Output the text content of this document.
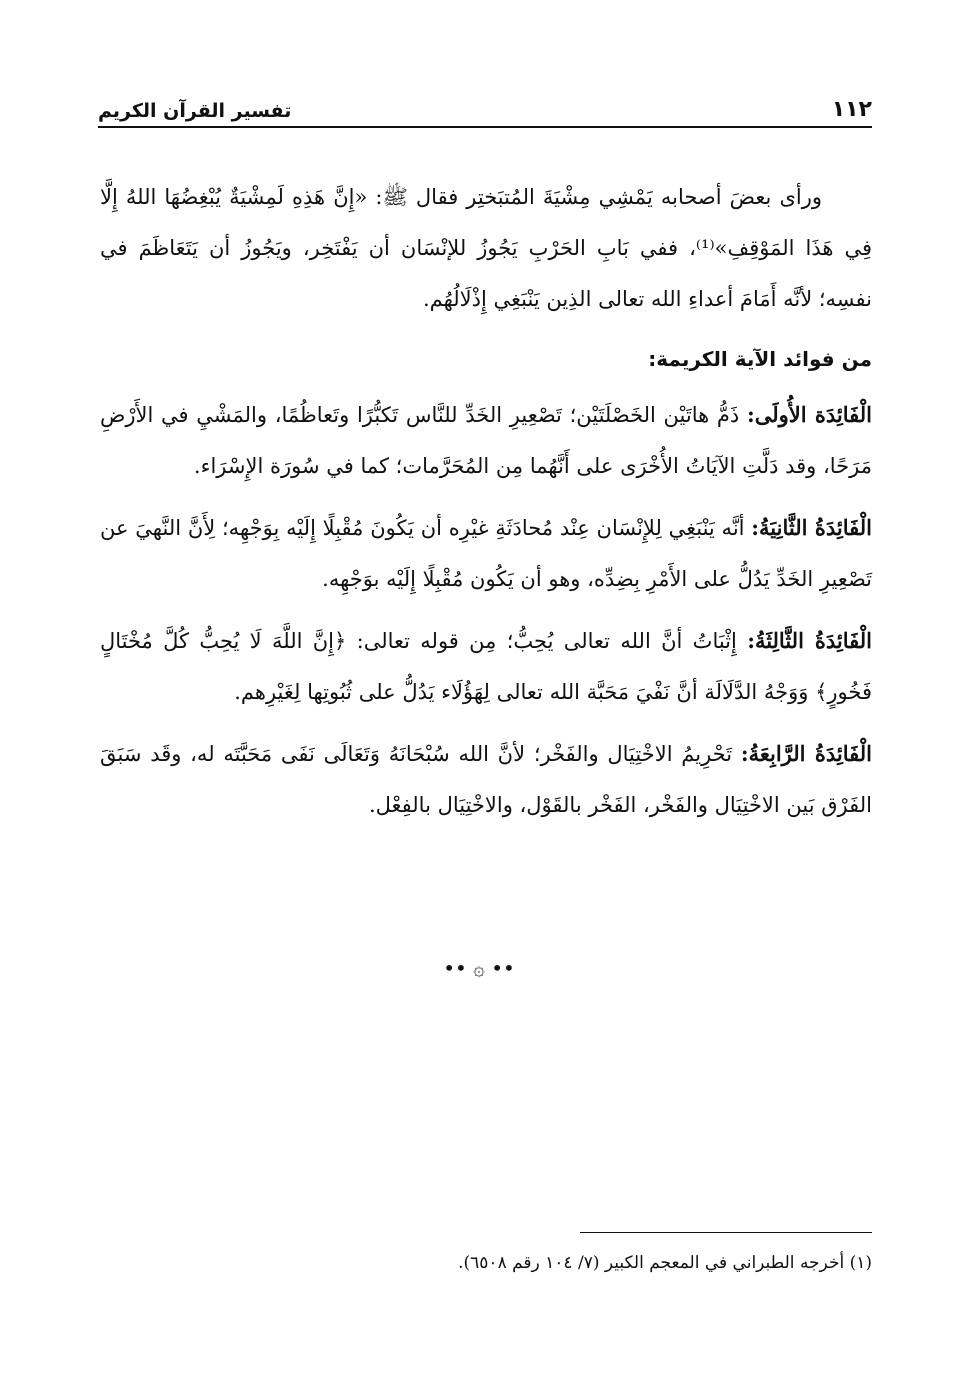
١١٢
تفسير القرآن الكريم

ورأى بعضَ أصحابه يَمْشِي مِشْيَةَ المُتبَختِر فقال ﷺ: «إِنَّ هَذِهِ لَمِشْيَةٌ يُبْغِضُهَا اللهُ إِلَّا فِي هَذَا المَوْقِفِ»⁽¹⁾، ففي بَابِ الحَرْبِ يَجُوزُ للإنْسَان أن يَفْتَخِر، ويَجُوزُ أن يَتَعَاظَمَ في نفسِه؛ لأنَّه أَمَامَ أعداءِ الله تعالى الذِين يَنْبَغِي إِذْلَالُهُم.

من فوائد الآية الكريمة:

الْفَائِدَة الأُولَى: ذَمُّ هاتَيْن الخَصْلَتَيْن؛ تَصْعِيرِ الخَدِّ للنَّاس تَكبُّرًا وتَعاظُمًا، والمَشْيِ في الأَرْضِ مَرَحًا، وقد دَلَّتِ الآيَاتُ الأُخْرَى على أَنَّهُما مِن المُحَرَّمات؛ كما في سُورَة الإِسْرَاء.

الْفَائِدَةُ الثَّانِيَةُ: أنَّه يَنْبَغِي لِلإِنْسَان عِنْد مُحادَثَةِ غيْرِه أن يَكُونَ مُقْبِلًا إِلَيْه بِوَجْهِه؛ لِأَنَّ النَّهيَ عن تَصْعِيرِ الخَدِّ يَدُلُّ على الأَمْرِ بِضِدِّه، وهو أن يَكُون مُقْبِلًا إِلَيْه بوَجْهِه.

الْفَائِدَةُ الثَّالِثَةُ: إِثْبَاتُ أنَّ الله تعالى يُحِبُّ؛ مِن قوله تعالى: ﴿إِنَّ اللَّهَ لَا يُحِبُّ كُلَّ مُخْتَالٍ فَخُورٍ﴾ وَوَجْهُ الدَّلَالَة أنَّ نَفْيَ مَحَبَّة الله تعالى لِهَؤُلَاء يَدُلُّ على ثُبُوتِها لِغَيْرِهم.

الْفَائِدَةُ الرَّابِعَةُ: تَحْرِيمُ الاخْتِيَال والفَخْر؛ لأنَّ الله سُبْحَانَهُ وَتَعَالَى نَفَى مَحَبَّتَه له، وقَد سَبَقَ الفَرْق بَين الاخْتِيَال والفَخْر، الفَخْر بالقَوْل، والاخْتِيَال بالفِعْل.

•• ۞ ••
(١) أخرجه الطبراني في المعجم الكبير (٧/ ١٠٤ رقم ٦٥٠٨).
